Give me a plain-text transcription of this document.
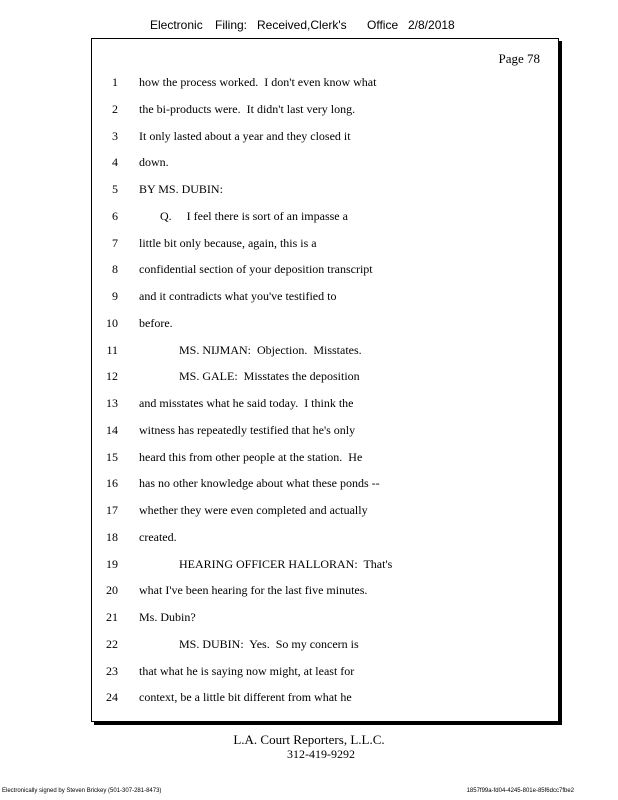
Electronic Filing: Received,Clerk's Office 2/8/2018
Page 78
1 how the process worked.  I don't even know what
2 the bi-products were.  It didn't last very long.
3 It only lasted about a year and they closed it
4 down.
5 BY MS. DUBIN:
6	Q.     I feel there is sort of an impasse a
7 little bit only because, again, this is a
8 confidential section of your deposition transcript
9 and it contradicts what you've testified to
10 before.
11	MS. NIJMAN:  Objection.  Misstates.
12	MS. GALE:  Misstates the deposition
13 and misstates what he said today.  I think the
14 witness has repeatedly testified that he's only
15 heard this from other people at the station.  He
16 has no other knowledge about what these ponds --
17 whether they were even completed and actually
18 created.
19	HEARING OFFICER HALLORAN:  That's
20 what I've been hearing for the last five minutes.
21 Ms. Dubin?
22	MS. DUBIN:  Yes.  So my concern is
23 that what he is saying now might, at least for
24 context, be a little bit different from what he
L.A. Court Reporters, L.L.C.
312-419-9292
Electronically signed by Steven Brickey (501-307-281-8473)	1857f99a-fd04-4245-801e-85f6dcc7fbe2
